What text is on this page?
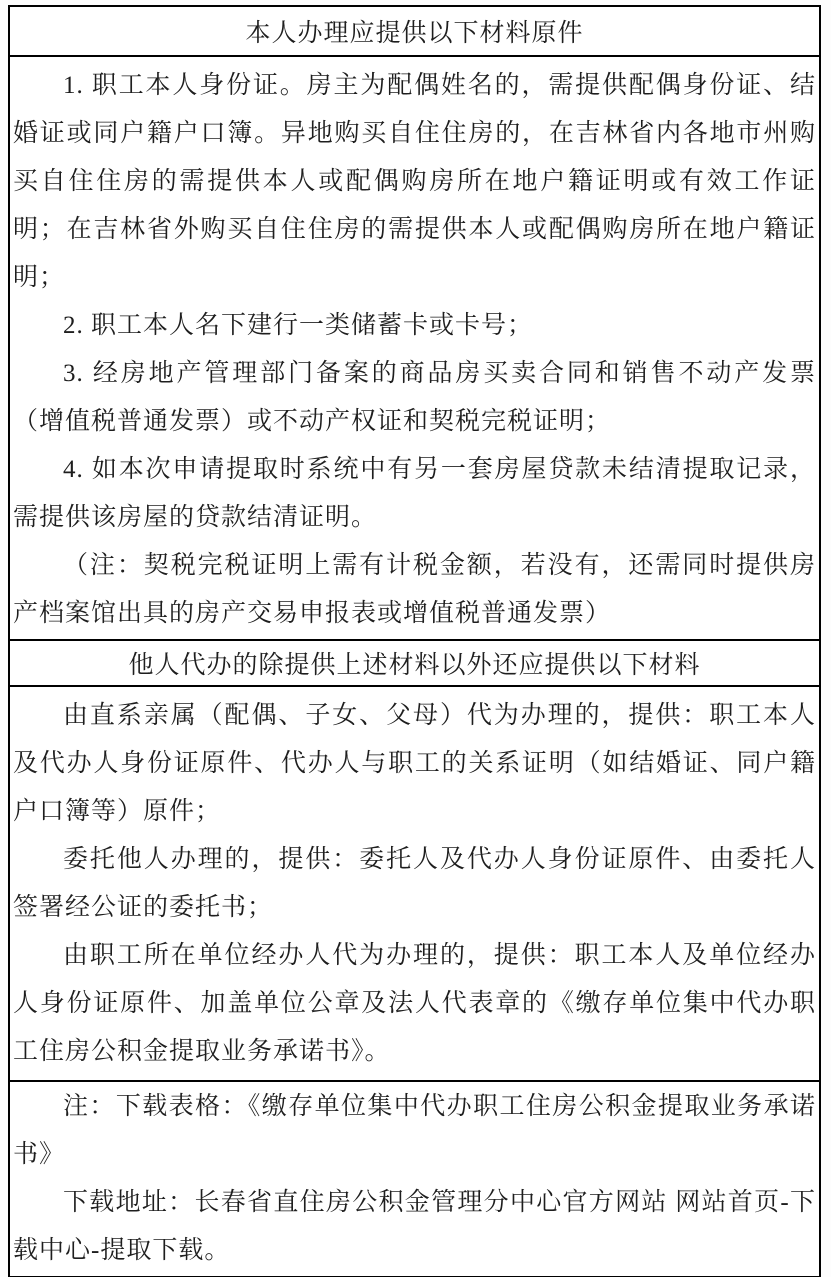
本人办理应提供以下材料原件

1. 职工本人身份证。房主为配偶姓名的，需提供配偶身份证、结婚证或同户籍户口簿。异地购买自住住房的，在吉林省内各地市州购买自住住房的需提供本人或配偶购房所在地户籍证明或有效工作证明；在吉林省外购买自住住房的需提供本人或配偶购房所在地户籍证明；

2. 职工本人名下建行一类储蓄卡或卡号；

3. 经房地产管理部门备案的商品房买卖合同和销售不动产发票（增值税普通发票）或不动产权证和契税完税证明；

4. 如本次申请提取时系统中有另一套房屋贷款未结清提取记录，需提供该房屋的贷款结清证明。

（注：契税完税证明上需有计税金额，若没有，还需同时提供房产档案馆出具的房产交易申报表或增值税普通发票）

他人代办的除提供上述材料以外还应提供以下材料

由直系亲属（配偶、子女、父母）代为办理的，提供：职工本人及代办人身份证原件、代办人与职工的关系证明（如结婚证、同户籍户口簿等）原件；

委托他人办理的，提供：委托人及代办人身份证原件、由委托人签署经公证的委托书；

由职工所在单位经办人代为办理的，提供：职工本人及单位经办人身份证原件、加盖单位公章及法人代表章的《缴存单位集中代办职工住房公积金提取业务承诺书》。

注：下载表格：《缴存单位集中代办职工住房公积金提取业务承诺书》

下载地址：长春省直住房公积金管理分中心官方网站 网站首页-下载中心-提取下载。
